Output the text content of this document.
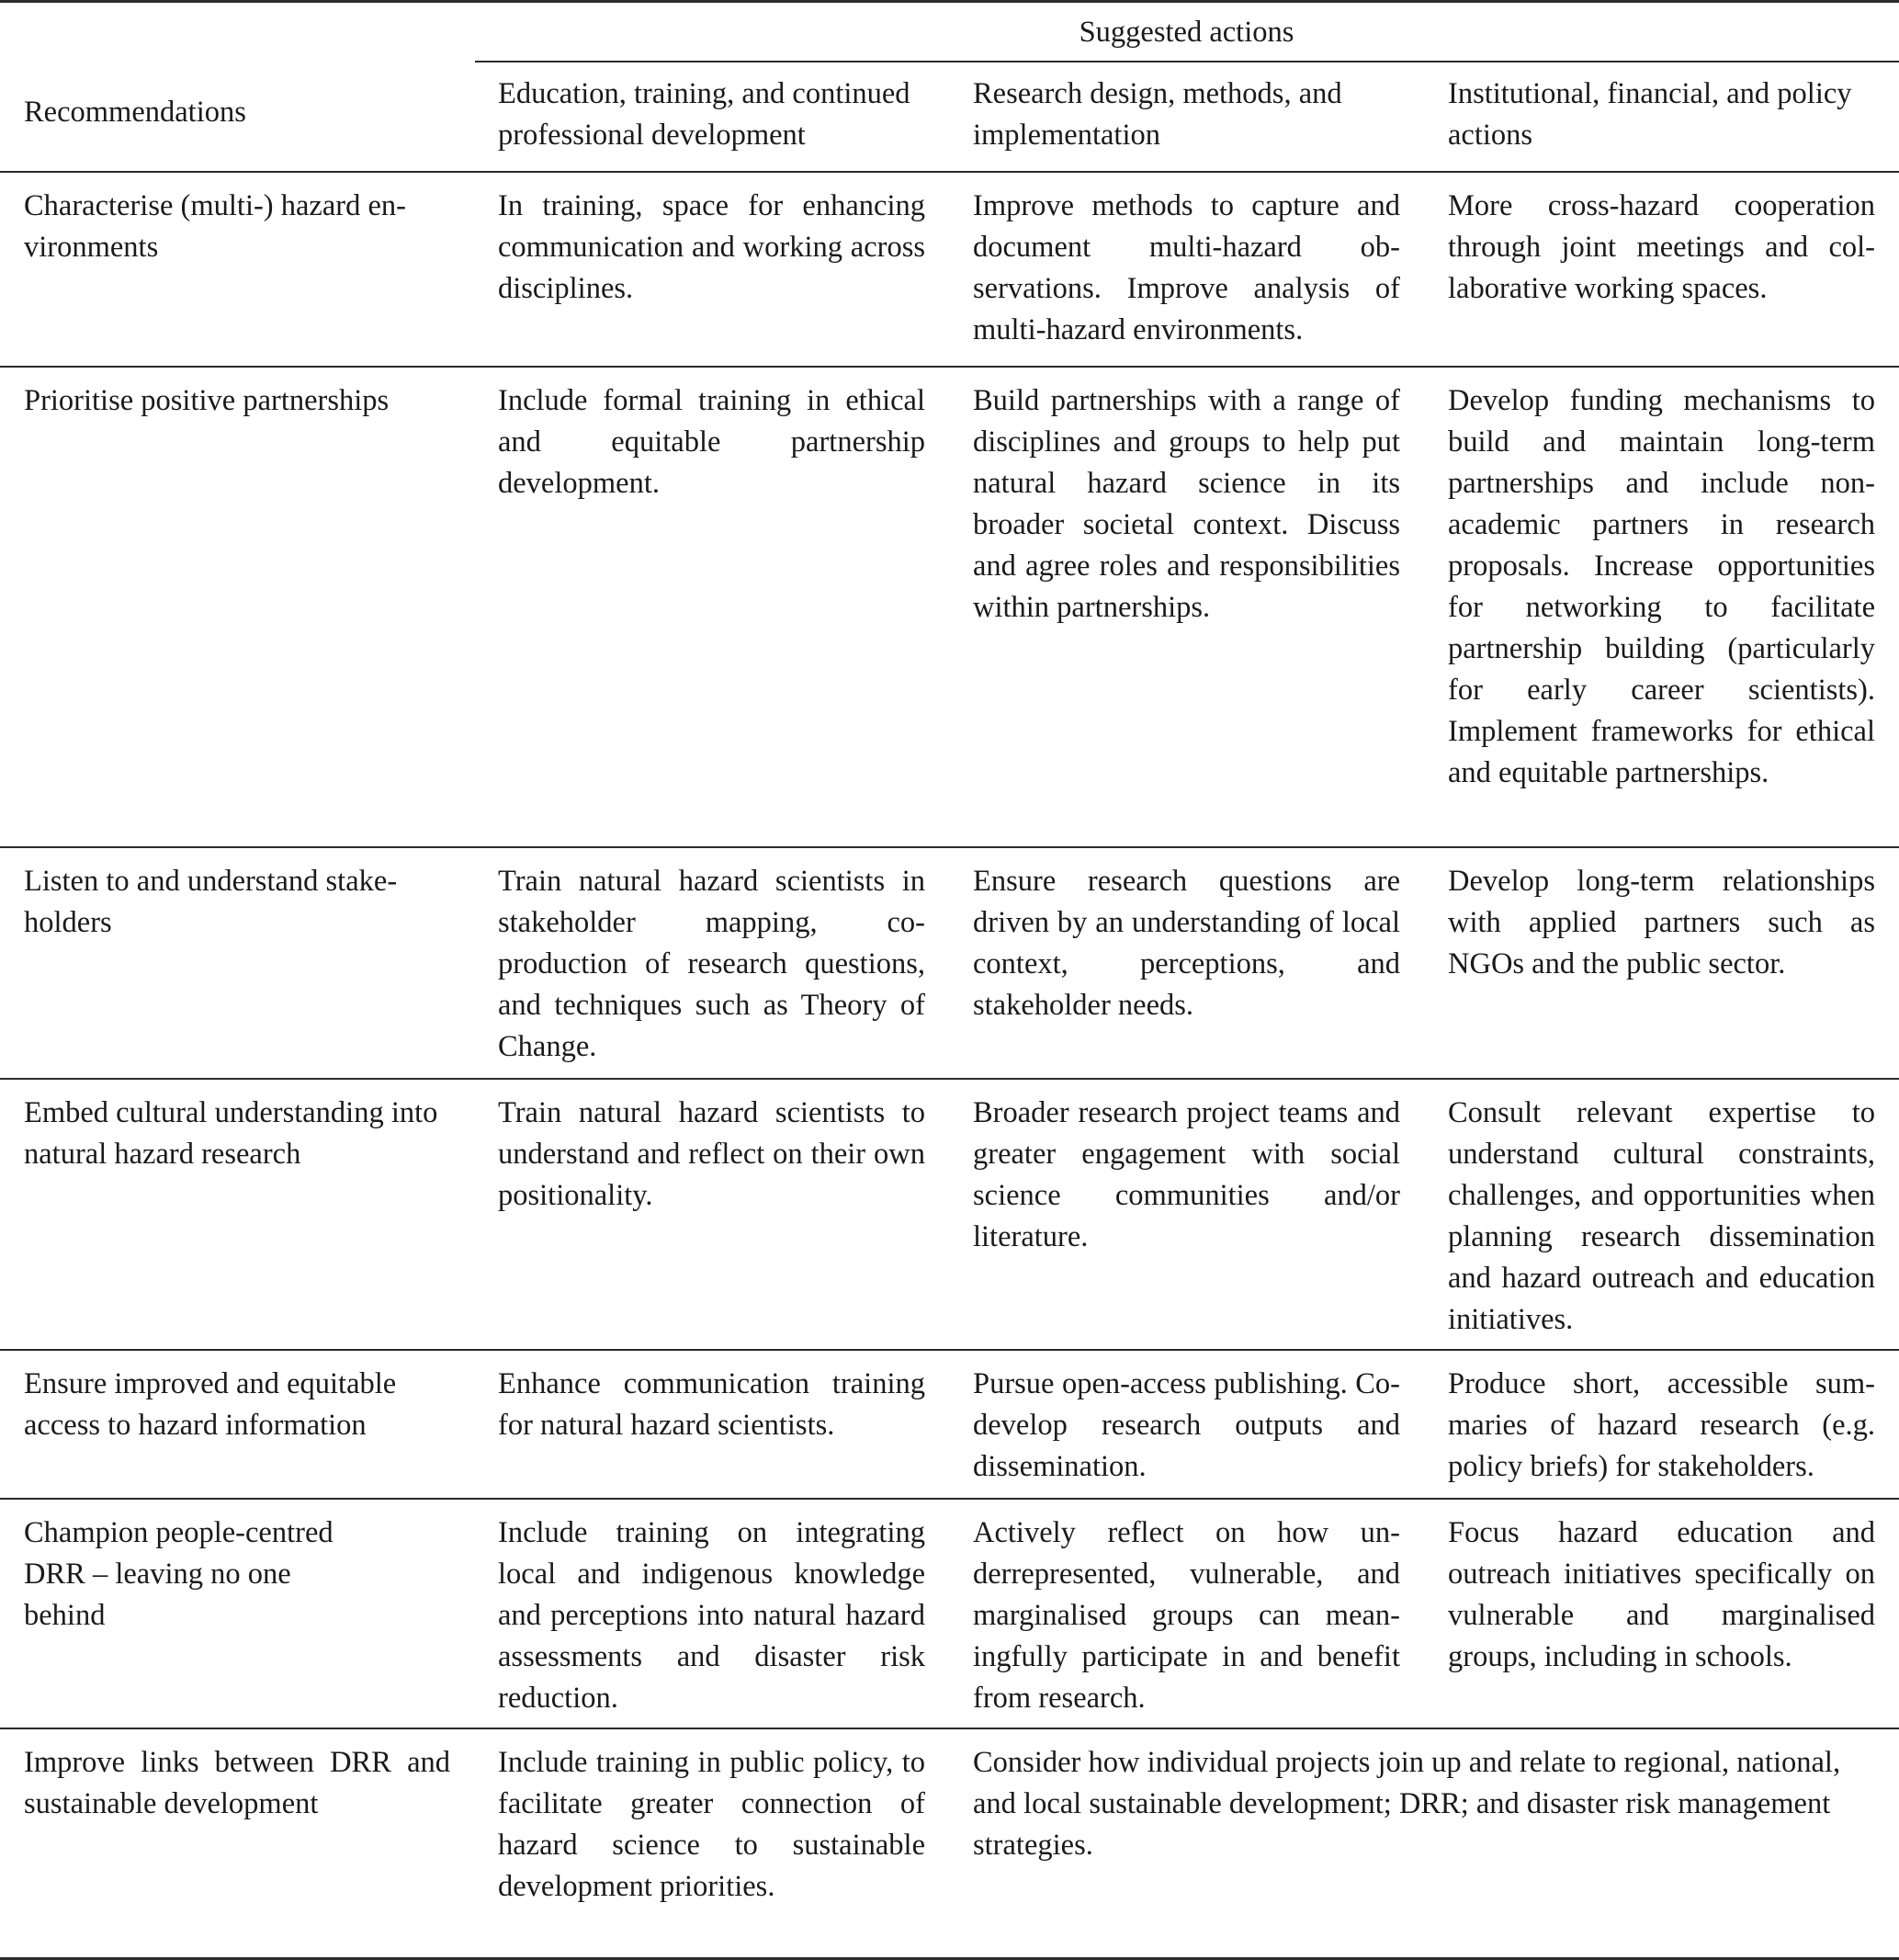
Suggested actions
Recommendations
Education, training, and continued professional development
Research design, methods, and implementation
Institutional, financial, and policy actions
Characterise (multi-) hazard environments
In training, space for enhancing communication and working across disciplines.
Improve methods to capture and document multi-hazard observations. Improve analysis of multi-hazard environments.
More cross-hazard cooperation through joint meetings and collaborative working spaces.
Prioritise positive partnerships	Include formal training in ethical and equitable partnership development.
Build partnerships with a range of disciplines and groups to help put natural hazard science in its broader societal context. Discuss and agree roles and responsibilities within partnerships.
Develop funding mechanisms to build and maintain long-term partnerships and include non-academic partners in research proposals. Increase opportunities for networking to facilitate partnership building (particularly for early career scientists). Implement frameworks for ethical and equitable partnerships.
Listen to and understand stakeholders
Train natural hazard scientists in stakeholder mapping, co-production of research questions, and techniques such as Theory of Change.
Ensure research questions are driven by an understanding of local context, perceptions, and stakeholder needs.
Develop long-term relationships with applied partners such as NGOs and the public sector.
Embed cultural understanding into natural hazard research
Train natural hazard scientists to understand and reflect on their own positionality.
Broader research project teams and greater engagement with social science communities and/or literature.
Consult relevant expertise to understand cultural constraints, challenges, and opportunities when planning research dissemination and hazard outreach and education initiatives.
Ensure improved and equitable access to hazard information
Enhance communication training for natural hazard scientists.
Pursue open-access publishing. Co-develop research outputs and dissemination.
Produce short, accessible summaries of hazard research (e.g. policy briefs) for stakeholders.
Champion people-centred
DRR – leaving no one
behind
Include training on integrating local and indigenous knowledge and perceptions into natural hazard assessments and disaster risk reduction.
Actively reflect on how underrepresented, vulnerable, and marginalised groups can meaningfully participate in and benefit from research.
Focus hazard education and outreach initiatives specifically on vulnerable and marginalised groups, including in schools.
Improve links between DRR and sustainable development
Include training in public policy, to facilitate greater connection of hazard science to sustainable development priorities.
Consider how individual projects join up and relate to regional, national, and local sustainable development; DRR; and disaster risk management strategies.
